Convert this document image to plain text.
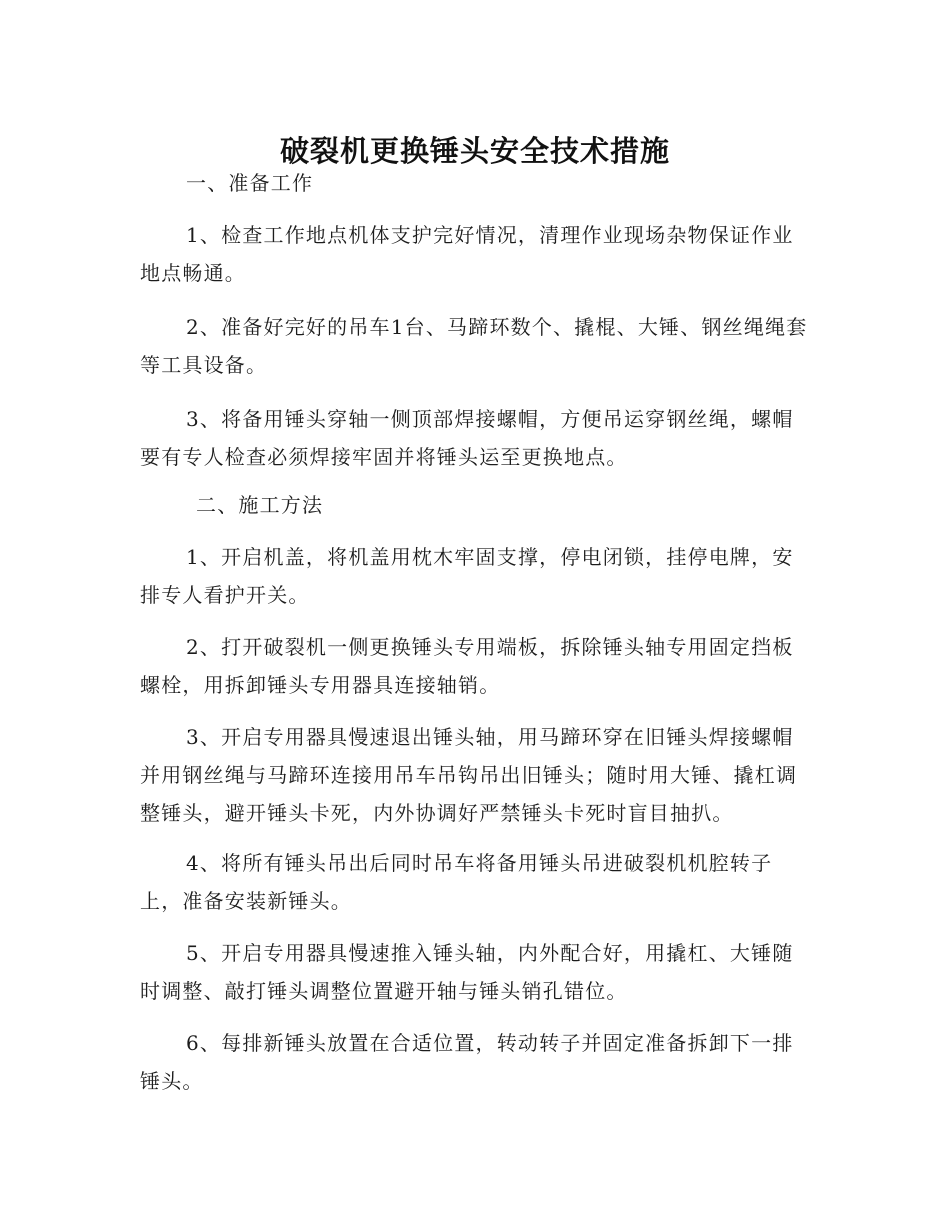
破裂机更换锤头安全技术措施

一、准备工作

1、检查工作地点机体支护完好情况，清理作业现场杂物保证作业地点畅通。

2、准备好完好的吊车1台、马蹄环数个、撬棍、大锤、钢丝绳绳套等工具设备。

3、将备用锤头穿轴一侧顶部焊接螺帽，方便吊运穿钢丝绳，螺帽要有专人检查必须焊接牢固并将锤头运至更换地点。

二、施工方法

1、开启机盖，将机盖用枕木牢固支撑，停电闭锁，挂停电牌，安排专人看护开关。

2、打开破裂机一侧更换锤头专用端板，拆除锤头轴专用固定挡板螺栓，用拆卸锤头专用器具连接轴销。

3、开启专用器具慢速退出锤头轴，用马蹄环穿在旧锤头焊接螺帽并用钢丝绳与马蹄环连接用吊车吊钩吊出旧锤头；随时用大锤、撬杠调整锤头，避开锤头卡死，内外协调好严禁锤头卡死时盲目抽扒。

4、将所有锤头吊出后同时吊车将备用锤头吊进破裂机机腔转子上，准备安装新锤头。

5、开启专用器具慢速推入锤头轴，内外配合好，用撬杠、大锤随时调整、敲打锤头调整位置避开轴与锤头销孔错位。

6、每排新锤头放置在合适位置，转动转子并固定准备拆卸下一排锤头。
